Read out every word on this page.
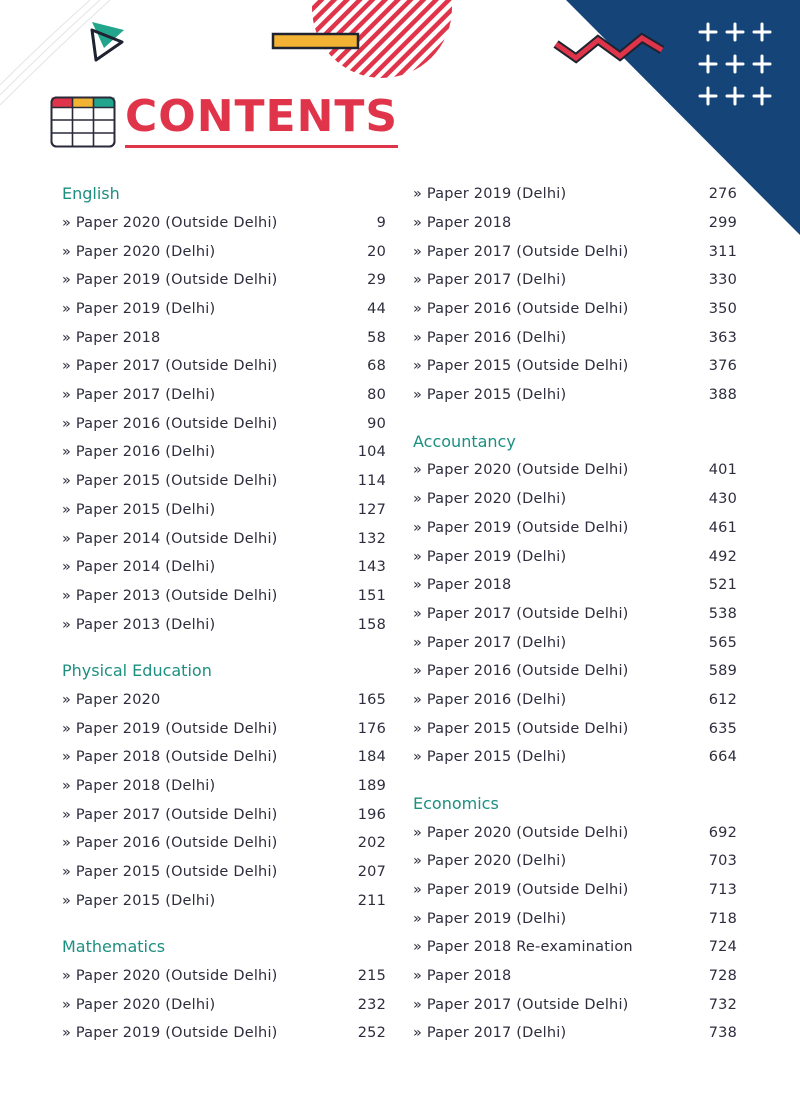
CONTENTS
English
» Paper 2020 (Outside Delhi)	9
» Paper 2020 (Delhi)	20
» Paper 2019 (Outside Delhi)	29
» Paper 2019 (Delhi)	44
» Paper 2018	58
» Paper 2017 (Outside Delhi)	68
» Paper 2017 (Delhi)	80
» Paper 2016 (Outside Delhi)	90
» Paper 2016 (Delhi)	104
» Paper 2015 (Outside Delhi)	114
» Paper 2015 (Delhi)	127
» Paper 2014 (Outside Delhi)	132
» Paper 2014 (Delhi)	143
» Paper 2013 (Outside Delhi)	151
» Paper 2013 (Delhi)	158
Physical Education
» Paper 2020	165
» Paper 2019 (Outside Delhi)	176
» Paper 2018 (Outside Delhi)	184
» Paper 2018 (Delhi)	189
» Paper 2017 (Outside Delhi)	196
» Paper 2016 (Outside Delhi)	202
» Paper 2015 (Outside Delhi)	207
» Paper 2015 (Delhi)	211
Mathematics
» Paper 2020 (Outside Delhi)	215
» Paper 2020 (Delhi)	232
» Paper 2019 (Outside Delhi)	252
» Paper 2019 (Delhi)	276
» Paper 2018	299
» Paper 2017 (Outside Delhi)	311
» Paper 2017 (Delhi)	330
» Paper 2016 (Outside Delhi)	350
» Paper 2016 (Delhi)	363
» Paper 2015 (Outside Delhi)	376
» Paper 2015 (Delhi)	388
Accountancy
» Paper 2020 (Outside Delhi)	401
» Paper 2020 (Delhi)	430
» Paper 2019 (Outside Delhi)	461
» Paper 2019 (Delhi)	492
» Paper 2018	521
» Paper 2017 (Outside Delhi)	538
» Paper 2017 (Delhi)	565
» Paper 2016 (Outside Delhi)	589
» Paper 2016 (Delhi)	612
» Paper 2015 (Outside Delhi)	635
» Paper 2015 (Delhi)	664
Economics
» Paper 2020 (Outside Delhi)	692
» Paper 2020 (Delhi)	703
» Paper 2019 (Outside Delhi)	713
» Paper 2019 (Delhi)	718
» Paper 2018 Re-examination	724
» Paper 2018	728
» Paper 2017 (Outside Delhi)	732
» Paper 2017 (Delhi)	738
